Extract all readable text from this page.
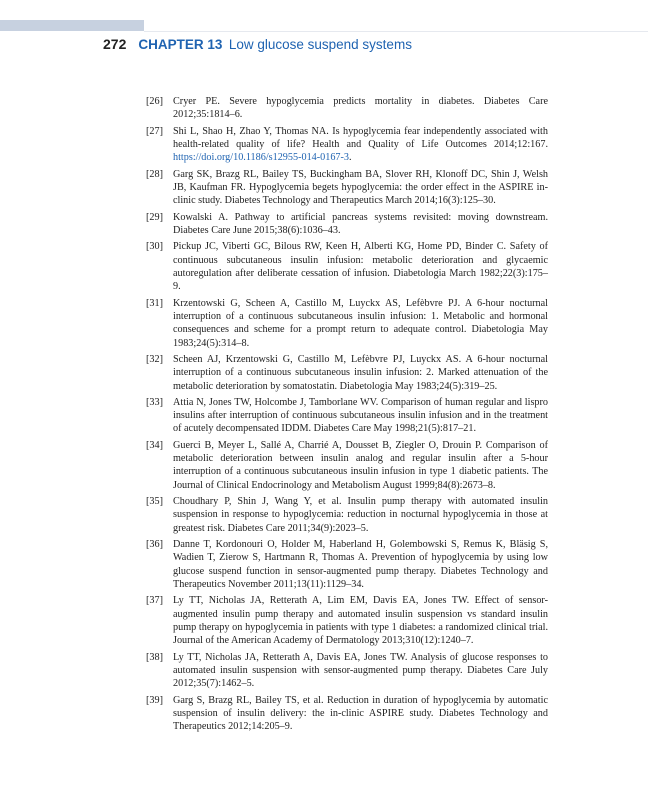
272 CHAPTER 13 Low glucose suspend systems
[26] Cryer PE. Severe hypoglycemia predicts mortality in diabetes. Diabetes Care 2012;35:1814–6.
[27] Shi L, Shao H, Zhao Y, Thomas NA. Is hypoglycemia fear independently associated with health-related quality of life? Health and Quality of Life Outcomes 2014;12:167. https://doi.org/10.1186/s12955-014-0167-3.
[28] Garg SK, Brazg RL, Bailey TS, Buckingham BA, Slover RH, Klonoff DC, Shin J, Welsh JB, Kaufman FR. Hypoglycemia begets hypoglycemia: the order effect in the ASPIRE in-clinic study. Diabetes Technology and Therapeutics March 2014;16(3):125–30.
[29] Kowalski A. Pathway to artificial pancreas systems revisited: moving downstream. Diabetes Care June 2015;38(6):1036–43.
[30] Pickup JC, Viberti GC, Bilous RW, Keen H, Alberti KG, Home PD, Binder C. Safety of continuous subcutaneous insulin infusion: metabolic deterioration and glycaemic autoregulation after deliberate cessation of infusion. Diabetologia March 1982;22(3):175–9.
[31] Krzentowski G, Scheen A, Castillo M, Luyckx AS, Lefèbvre PJ. A 6-hour nocturnal interruption of a continuous subcutaneous insulin infusion: 1. Metabolic and hormonal consequences and scheme for a prompt return to adequate control. Diabetologia May 1983;24(5):314–8.
[32] Scheen AJ, Krzentowski G, Castillo M, Lefèbvre PJ, Luyckx AS. A 6-hour nocturnal interruption of a continuous subcutaneous insulin infusion: 2. Marked attenuation of the metabolic deterioration by somatostatin. Diabetologia May 1983;24(5):319–25.
[33] Attia N, Jones TW, Holcombe J, Tamborlane WV. Comparison of human regular and lispro insulins after interruption of continuous subcutaneous insulin infusion and in the treatment of acutely decompensated IDDM. Diabetes Care May 1998;21(5):817–21.
[34] Guerci B, Meyer L, Sallé A, Charrié A, Dousset B, Ziegler O, Drouin P. Comparison of metabolic deterioration between insulin analog and regular insulin after a 5-hour interruption of a continuous subcutaneous insulin infusion in type 1 diabetic patients. The Journal of Clinical Endocrinology and Metabolism August 1999;84(8):2673–8.
[35] Choudhary P, Shin J, Wang Y, et al. Insulin pump therapy with automated insulin suspension in response to hypoglycemia: reduction in nocturnal hypoglycemia in those at greatest risk. Diabetes Care 2011;34(9):2023–5.
[36] Danne T, Kordonouri O, Holder M, Haberland H, Golembowski S, Remus K, Bläsig S, Wadien T, Zierow S, Hartmann R, Thomas A. Prevention of hypoglycemia by using low glucose suspend function in sensor-augmented pump therapy. Diabetes Technology and Therapeutics November 2011;13(11):1129–34.
[37] Ly TT, Nicholas JA, Retterath A, Lim EM, Davis EA, Jones TW. Effect of sensor-augmented insulin pump therapy and automated insulin suspension vs standard insulin pump therapy on hypoglycemia in patients with type 1 diabetes: a randomized clinical trial. Journal of the American Academy of Dermatology 2013;310(12):1240–7.
[38] Ly TT, Nicholas JA, Retterath A, Davis EA, Jones TW. Analysis of glucose responses to automated insulin suspension with sensor-augmented pump therapy. Diabetes Care July 2012;35(7):1462–5.
[39] Garg S, Brazg RL, Bailey TS, et al. Reduction in duration of hypoglycemia by automatic suspension of insulin delivery: the in-clinic ASPIRE study. Diabetes Technology and Therapeutics 2012;14:205–9.
